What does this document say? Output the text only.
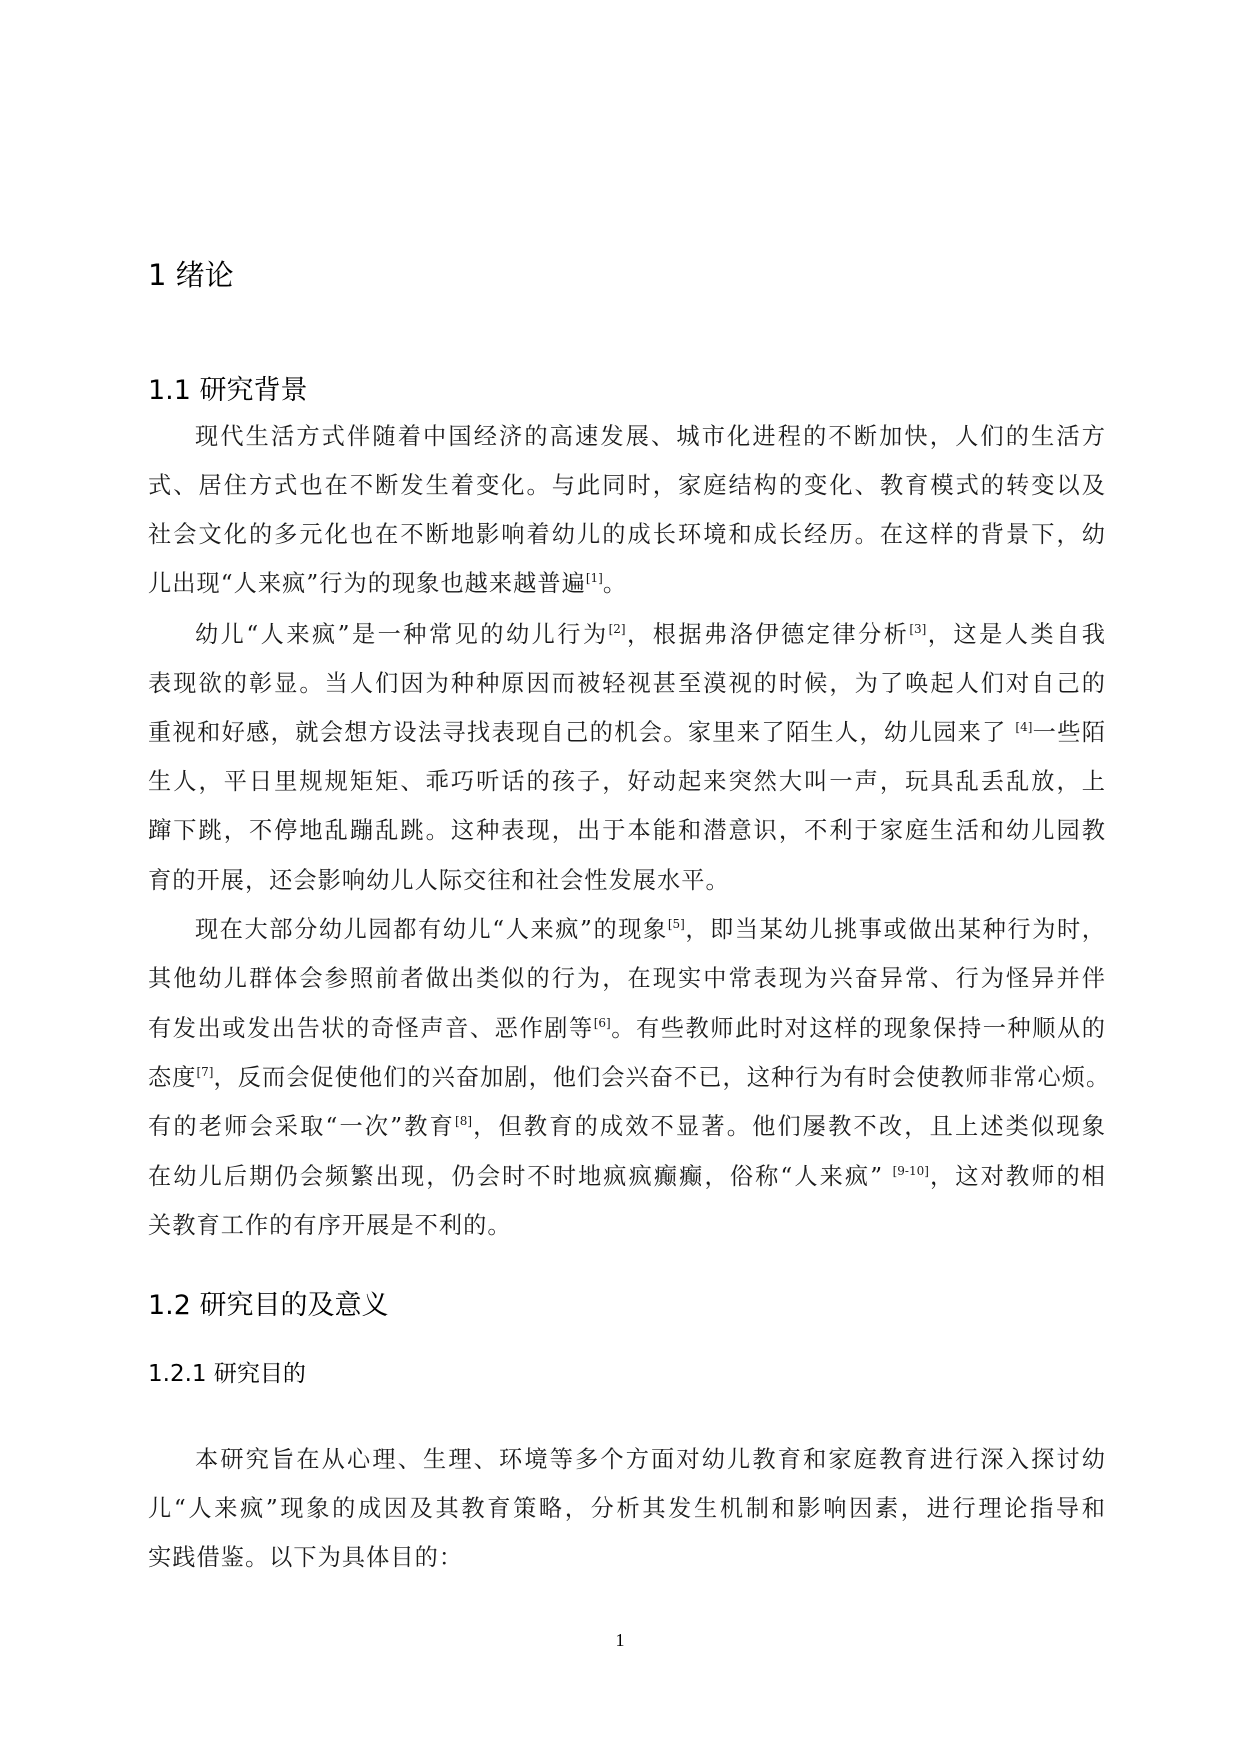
1 绪论
1.1 研究背景
现代生活方式伴随着中国经济的高速发展、城市化进程的不断加快，人们的生活方
式、居住方式也在不断发生着变化。与此同时，家庭结构的变化、教育模式的转变以及
社会文化的多元化也在不断地影响着幼儿的成长环境和成长经历。在这样的背景下，幼
儿出现“人来疯”行为的现象也越来越普遍[1]。
幼儿“人来疯”是一种常见的幼儿行为[2]，根据弗洛伊德定律分析[3]，这是人类自我
表现欲的彰显。当人们因为种种原因而被轻视甚至漠视的时候，为了唤起人们对自己的
重视和好感，就会想方设法寻找表现自己的机会。家里来了陌生人，幼儿园来了 [4]一些陌
生人，平日里规规矩矩、乖巧听话的孩子，好动起来突然大叫一声，玩具乱丢乱放，上
蹿下跳，不停地乱蹦乱跳。这种表现，出于本能和潜意识，不利于家庭生活和幼儿园教
育的开展，还会影响幼儿人际交往和社会性发展水平。
现在大部分幼儿园都有幼儿“人来疯”的现象[5]，即当某幼儿挑事或做出某种行为时，
其他幼儿群体会参照前者做出类似的行为，在现实中常表现为兴奋异常、行为怪异并伴
有发出或发出告状的奇怪声音、恶作剧等[6]。有些教师此时对这样的现象保持一种顺从的
态度[7]，反而会促使他们的兴奋加剧，他们会兴奋不已，这种行为有时会使教师非常心烦。
有的老师会采取“一次”教育[8]，但教育的成效不显著。他们屡教不改，且上述类似现象
在幼儿后期仍会频繁出现，仍会时不时地疯疯癫癫，俗称“人来疯” [9-10]，这对教师的相
关教育工作的有序开展是不利的。
1.2 研究目的及意义
1.2.1 研究目的
本研究旨在从心理、生理、环境等多个方面对幼儿教育和家庭教育进行深入探讨幼
儿“人来疯”现象的成因及其教育策略，分析其发生机制和影响因素，进行理论指导和
实践借鉴。以下为具体目的：
1
